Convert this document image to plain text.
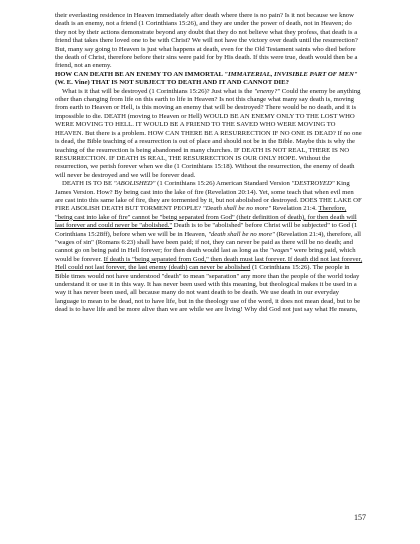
their everlasting residence in Heaven immediately after death where there is no pain? Is it not because we know death is an enemy, not a friend (1 Corinthians 15:26), and they are under the power of death, not in Heaven; do they not by their actions demonstrate beyond any doubt that they do not believe what they profess, that death is a friend that takes there loved one to be with Christ? We will not have the victory over death until the resurrection? But, many say going to Heaven is just what happens at death, even for the Old Testament saints who died before the death of Christ, therefore before their sins were paid for by His death. If this were true, death would then be a friend, not an enemy.

HOW CAN DEATH BE AN ENEMY TO AN IMMORTAL "IMMATERIAL, INVISIBLE PART OF MEN" (W. E. Vine) THAT IS NOT SUBJECT TO DEATH AND IT AND CANNOT DIE?

What is it that will be destroyed (1 Corinthians 15:26)? Just what is the "enemy?" Could the enemy be anything other than changing from life on this earth to life in Heaven? Is not this change what many say death is, moving from earth to Heaven or Hell, is this moving an enemy that will be destroyed? There would be no death, and it is impossible to die. DEATH (moving to Heaven or Hell) WOULD BE AN ENEMY ONLY TO THE LOST WHO WERE MOVING TO HELL. IT WOULD BE A FRIEND TO THE SAVED WHO WERE MOVING TO HEAVEN. But there is a problem. HOW CAN THERE BE A RESURRECTION IF NO ONE IS DEAD? If no one is dead, the Bible teaching of a resurrection is out of place and should not be in the Bible. Maybe this is why the teaching of the resurrection is being abandoned in many churches. IF DEATH IS NOT REAL, THERE IS NO RESURRECTION. IF DEATH IS REAL, THE RESURRECTION IS OUR ONLY HOPE. Without the resurrection, we perish forever when we die (1 Corinthians 15:18). Without the resurrection, the enemy of death will never be destroyed and we will be forever dead.

DEATH IS TO BE "ABOLISHED" (1 Corinthians 15:26) American Standard Version "DESTROYED" King James Version. How? By being cast into the lake of fire (Revelation 20:14). Yet, some teach that when evil men are cast into this same lake of fire, they are tormented by it, but not abolished or destroyed. DOES THE LAKE OF FIRE ABOLISH DEATH BUT TORMENT PEOPLE? "Death shall be no more" Revelation 21:4. Therefore, "being cast into lake of fire" cannot be "being separated from God" (their definition of death), for then death will last forever and could never be "abolished." Death is to be "abolished" before Christ will be subjected" to God (1 Corinthians 15:28ff), before when we will be in Heaven, "death shall be no more" (Revelation 21:4), therefore, all "wages of sin" (Romans 6:23) shall have been paid; if not, they can never be paid as there will be no death; and cannot go on being paid in Hell forever; for then death would last as long as the "wages" were bring paid, which would be forever. If death is "being separated from God," then death must last forever. If death did not last forever, Hell could not last forever, the last enemy (death) can never be abolished (1 Corinthians 15:26). The people in Bible times would not have understood "death" to mean "separation" any more than the people of the world today understand it or use it in this way. It has never been used with this meaning, but theological makes it be used in a way it has never been used, all because many do not want death to be death. We use death in our everyday language to mean to be dead, not to have life, but in the theology use of the word, it does not mean dead, but to be dead is to have life and be more alive than we are while we are living! Why did God not just say what He means,

157
